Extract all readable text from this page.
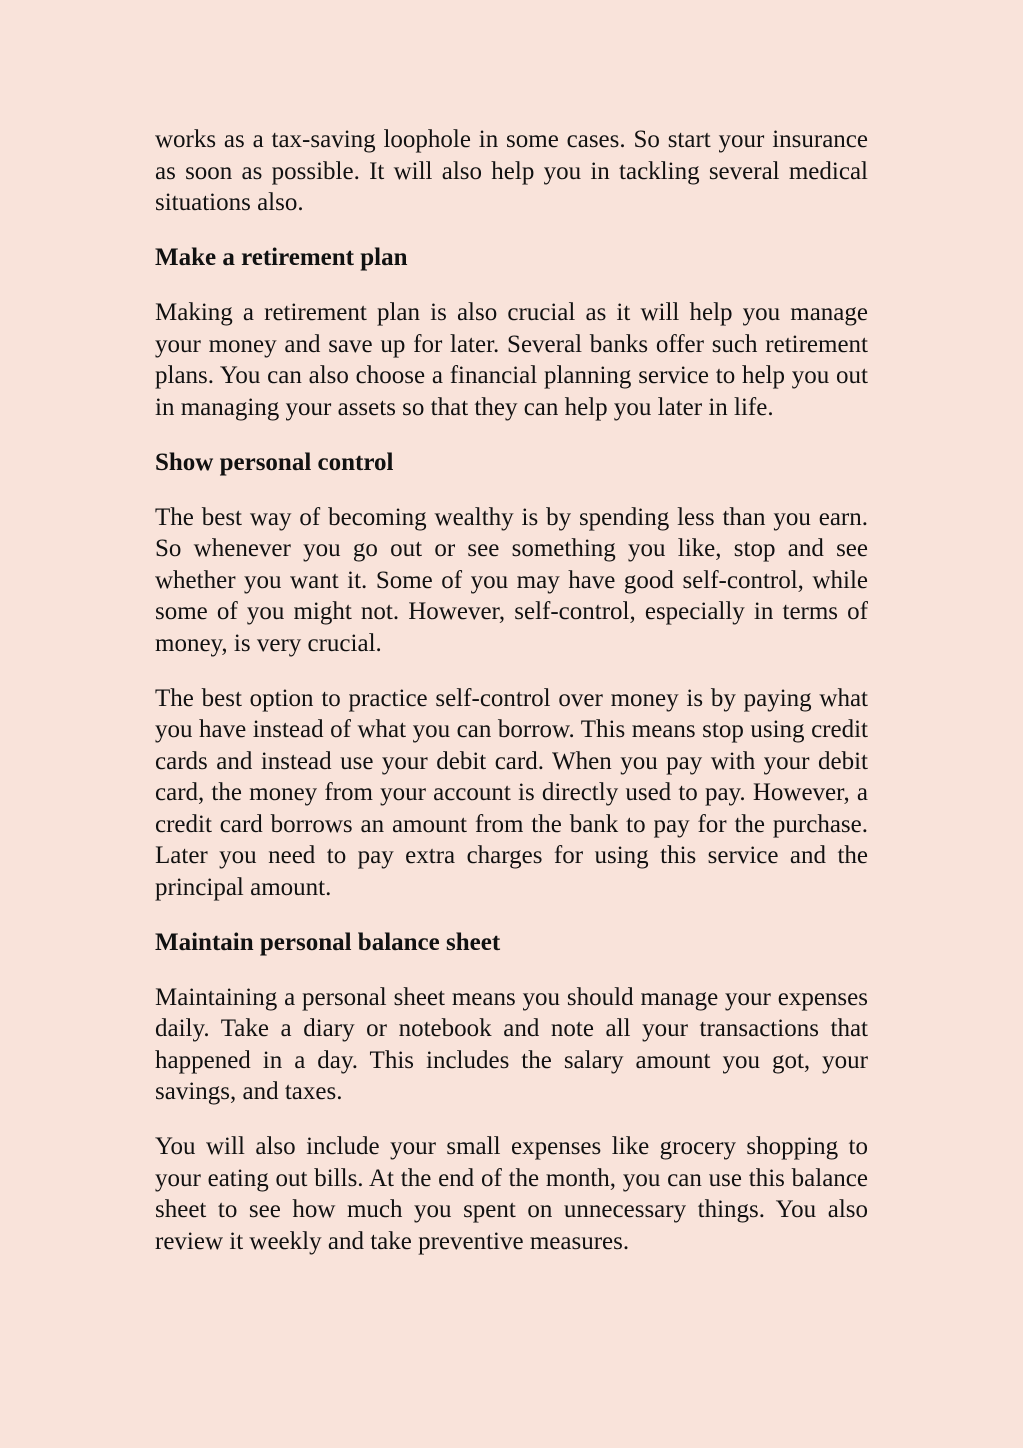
works as a tax-saving loophole in some cases. So start your insurance as soon as possible. It will also help you in tackling several medical situations also.

Make a retirement plan

Making a retirement plan is also crucial as it will help you manage your money and save up for later. Several banks offer such retirement plans. You can also choose a financial planning service to help you out in managing your assets so that they can help you later in life.

Show personal control

The best way of becoming wealthy is by spending less than you earn. So whenever you go out or see something you like, stop and see whether you want it. Some of you may have good self-control, while some of you might not. However, self-control, especially in terms of money, is very crucial.

The best option to practice self-control over money is by paying what you have instead of what you can borrow. This means stop using credit cards and instead use your debit card. When you pay with your debit card, the money from your account is directly used to pay. However, a credit card borrows an amount from the bank to pay for the purchase. Later you need to pay extra charges for using this service and the principal amount.

Maintain personal balance sheet

Maintaining a personal sheet means you should manage your expenses daily. Take a diary or notebook and note all your transactions that happened in a day. This includes the salary amount you got, your savings, and taxes.

You will also include your small expenses like grocery shopping to your eating out bills. At the end of the month, you can use this balance sheet to see how much you spent on unnecessary things. You also review it weekly and take preventive measures.
